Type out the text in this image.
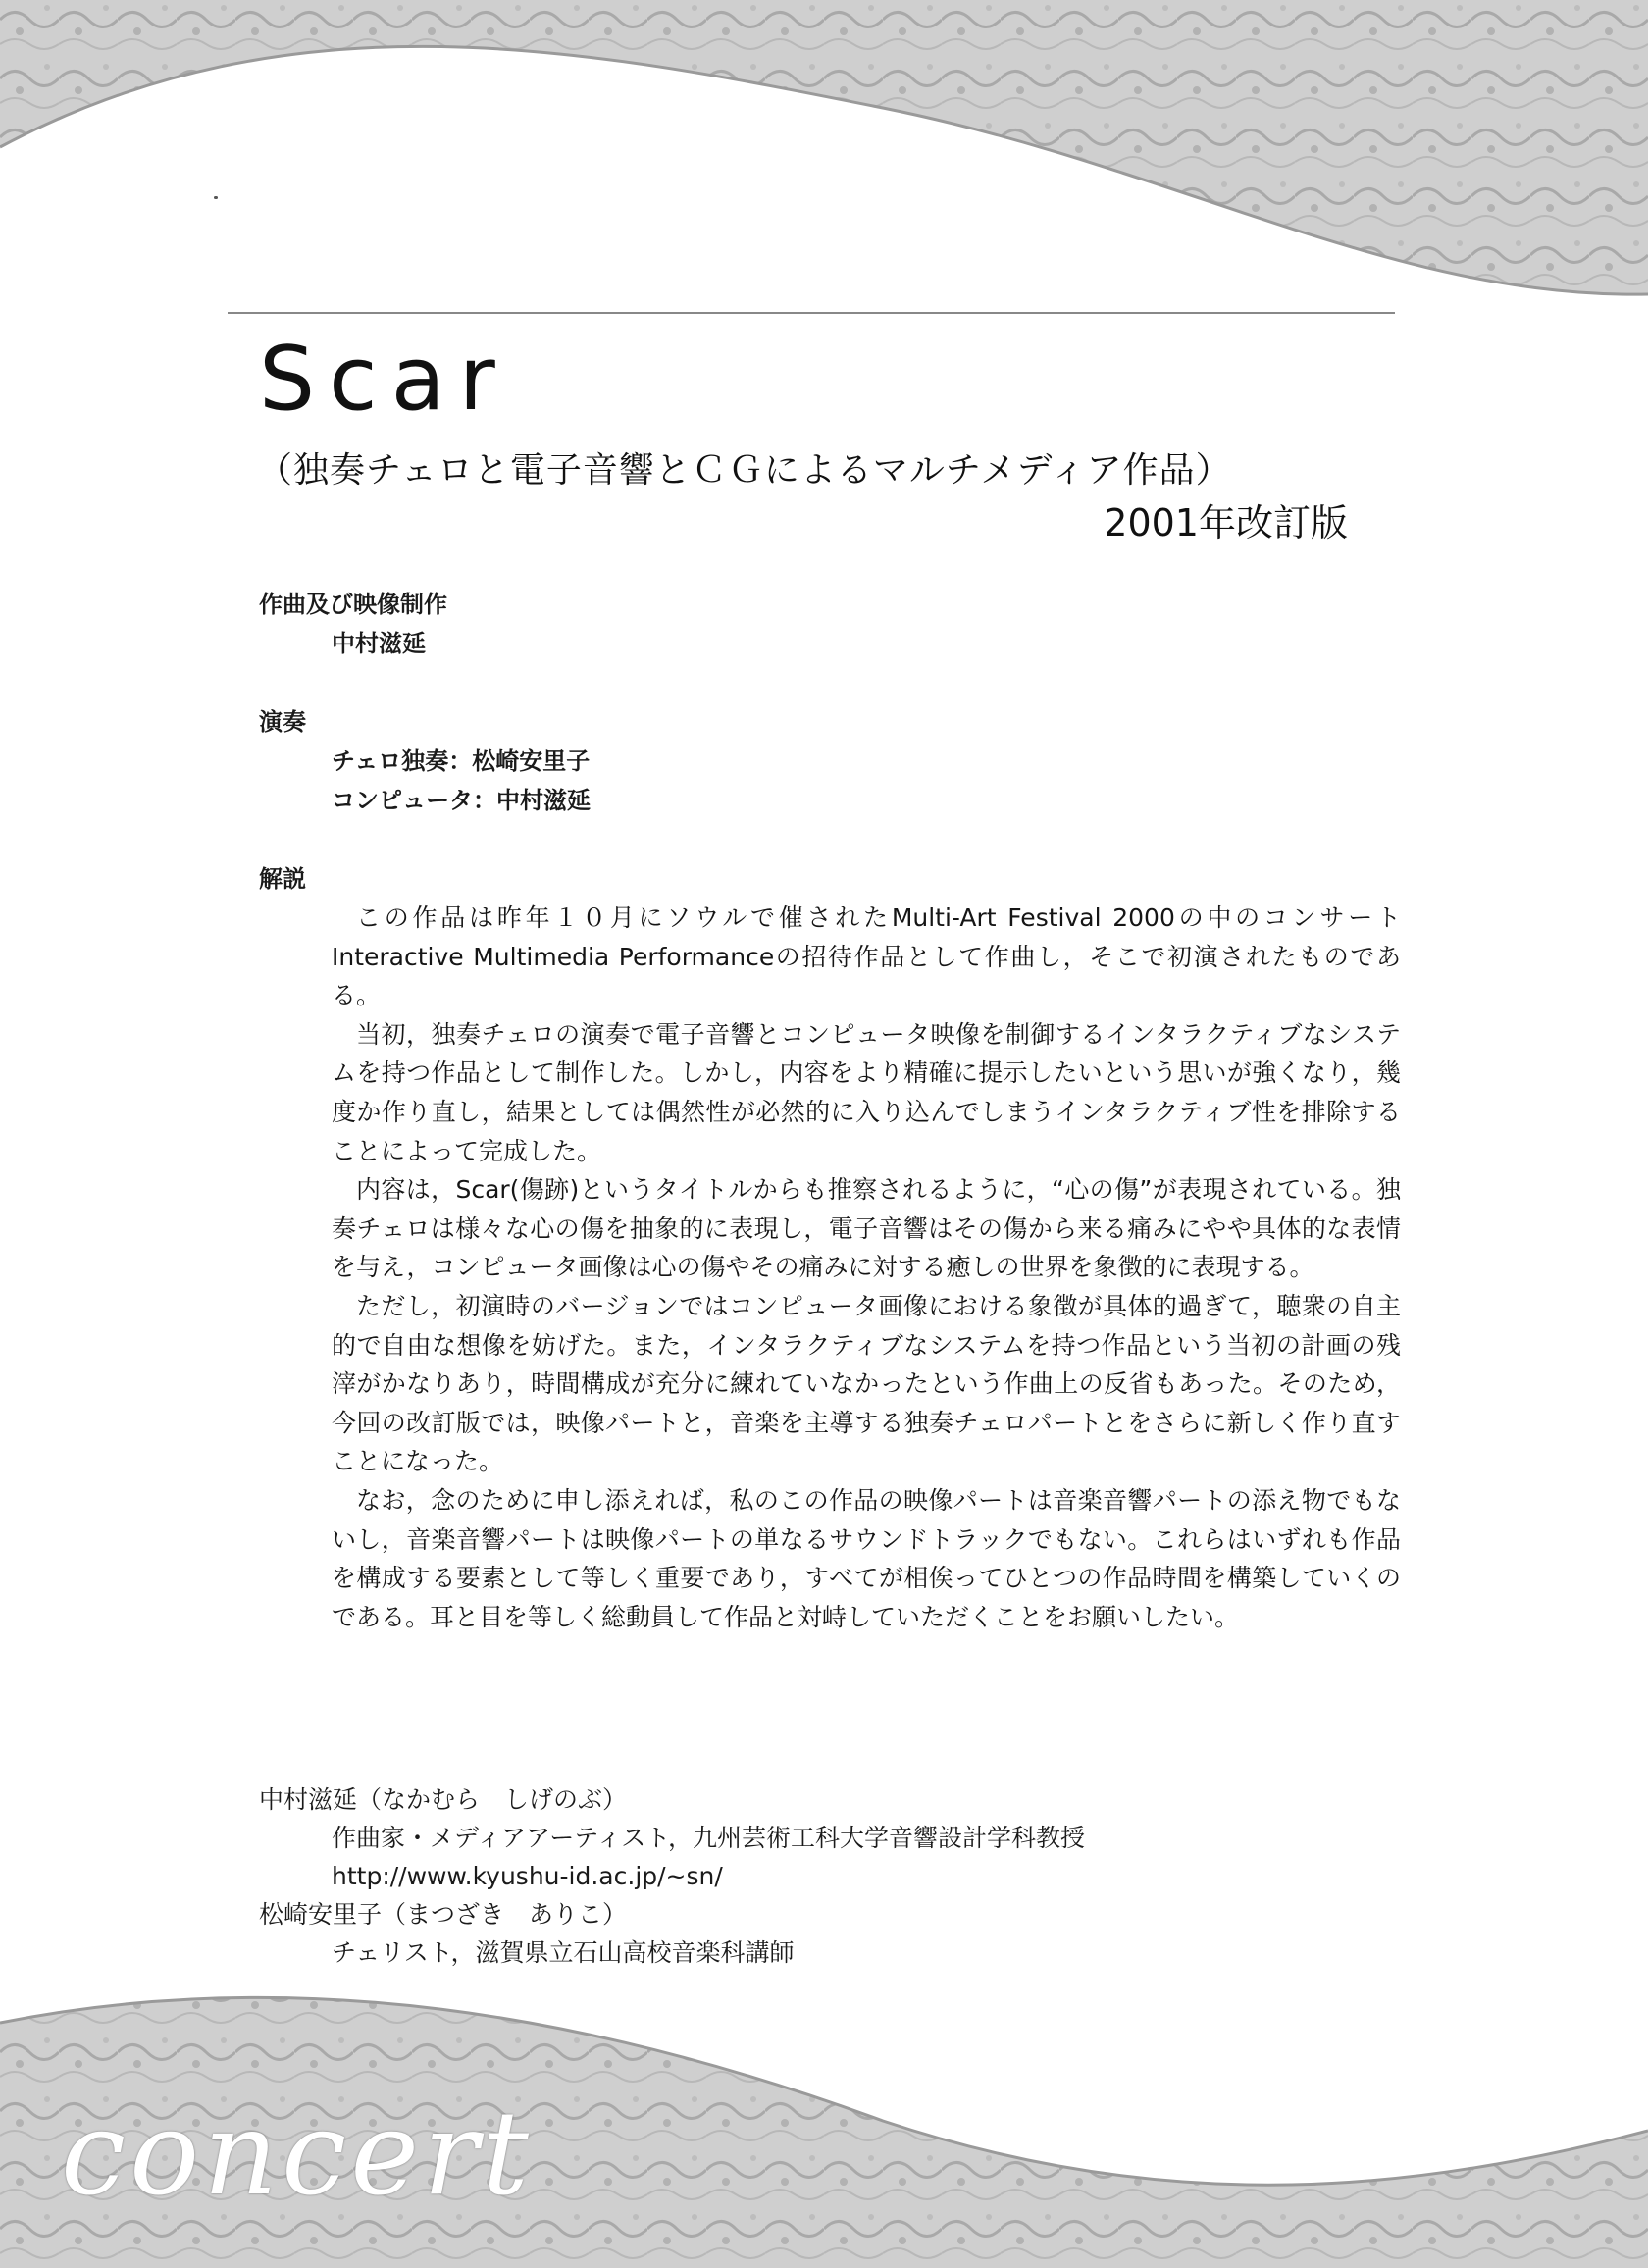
Scar
（独奏チェロと電子音響とＣＧによるマルチメディア作品）
2001年改訂版

作曲及び映像制作

中村滋延

演奏

チェロ独奏：松崎安里子

コンピュータ：中村滋延

解説

この作品は昨年１０月にソウルで催されたMulti-Art Festival 2000の中のコンサートInteractive Multimedia Performanceの招待作品として作曲し，そこで初演されたものである。

当初，独奏チェロの演奏で電子音響とコンピュータ映像を制御するインタラクティブなシステムを持つ作品として制作した。しかし，内容をより精確に提示したいという思いが強くなり，幾度か作り直し，結果としては偶然性が必然的に入り込んでしまうインタラクティブ性を排除することによって完成した。

内容は，Scar(傷跡)というタイトルからも推察されるように，“心の傷”が表現されている。独奏チェロは様々な心の傷を抽象的に表現し，電子音響はその傷から来る痛みにやや具体的な表情を与え，コンピュータ画像は心の傷やその痛みに対する癒しの世界を象徴的に表現する。

ただし，初演時のバージョンではコンピュータ画像における象徴が具体的過ぎて，聴衆の自主的で自由な想像を妨げた。また，インタラクティブなシステムを持つ作品という当初の計画の残滓がかなりあり，時間構成が充分に練れていなかったという作曲上の反省もあった。そのため，今回の改訂版では，映像パートと，音楽を主導する独奏チェロパートとをさらに新しく作り直すことになった。

なお，念のために申し添えれば，私のこの作品の映像パートは音楽音響パートの添え物でもないし，音楽音響パートは映像パートの単なるサウンドトラックでもない。これらはいずれも作品を構成する要素として等しく重要であり，すべてが相俟ってひとつの作品時間を構築していくのである。耳と目を等しく総動員して作品と対峙していただくことをお願いしたい。

中村滋延（なかむら　しげのぶ）

作曲家・メディアアーティスト，九州芸術工科大学音響設計学科教授

http://www.kyushu-id.ac.jp/~sn/

松崎安里子（まつざき　ありこ）

チェリスト，滋賀県立石山高校音楽科講師

concert
